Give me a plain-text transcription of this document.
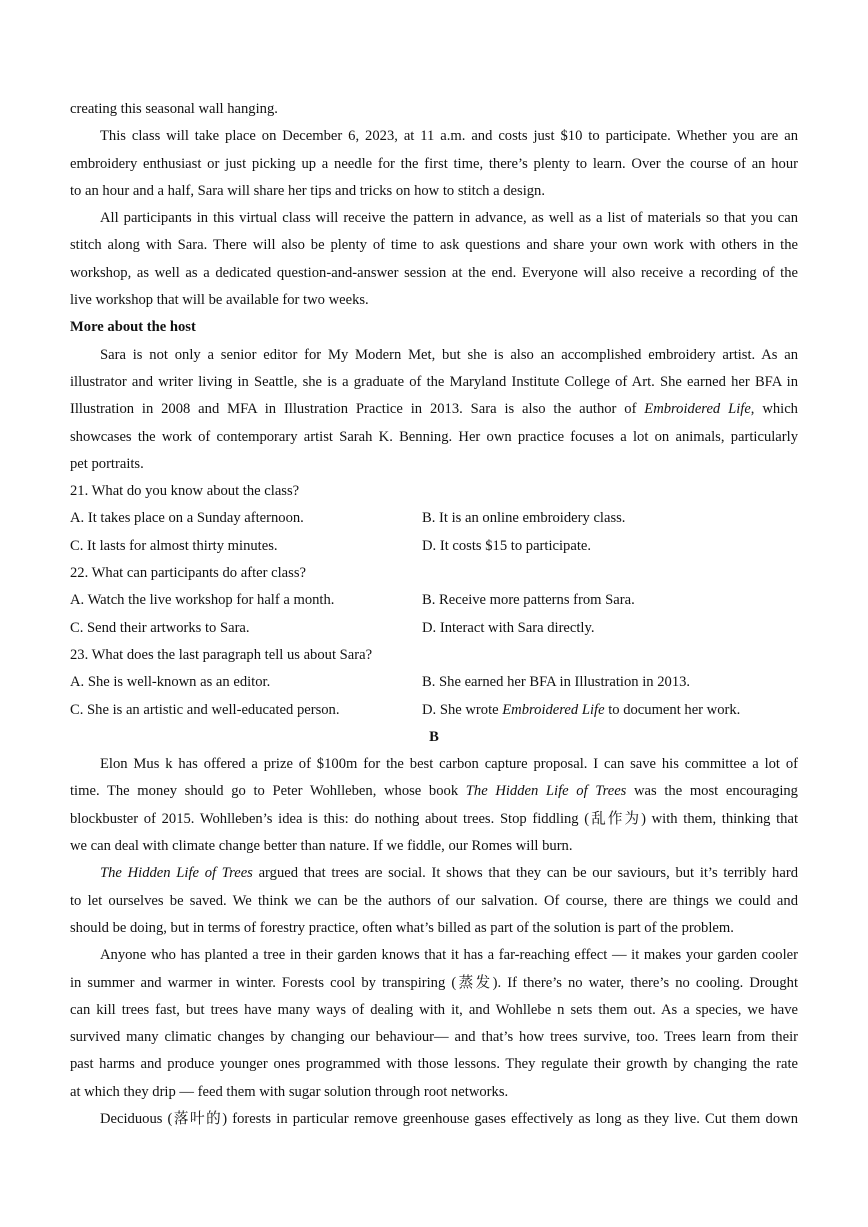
creating this seasonal wall hanging.
This class will take place on December 6, 2023, at 11 a.m. and costs just $10 to participate. Whether you are an
embroidery enthusiast or just picking up a needle for the first time, there’s plenty to learn. Over the course of an hour
to an hour and a half, Sara will share her tips and tricks on how to stitch a design.
All participants in this virtual class will receive the pattern in advance, as well as a list of materials so that you can
stitch along with Sara. There will also be plenty of time to ask questions and share your own work with others in the
workshop, as well as a dedicated question-and-answer session at the end. Everyone will also receive a recording of the
live workshop that will be available for two weeks.
More about the host
Sara is not only a senior editor for My Modern Met, but she is also an accomplished embroidery artist. As an
illustrator and writer living in Seattle, she is a graduate of the Maryland Institute College of Art. She earned her BFA in
Illustration in 2008 and MFA in Illustration Practice in 2013. Sara is also the author of Embroidered Life, which
showcases the work of contemporary artist Sarah K. Benning. Her own practice focuses a lot on animals, particularly
pet portraits.
21. What do you know about the class?
A. It takes place on a Sunday afternoon.	B. It is an online embroidery class.
C. It lasts for almost thirty minutes.	D. It costs $15 to participate.
22. What can participants do after class?
A. Watch the live workshop for half a month.	B. Receive more patterns from Sara.
C. Send their artworks to Sara.	D. Interact with Sara directly.
23. What does the last paragraph tell us about Sara?
A. She is well-known as an editor.	B. She earned her BFA in Illustration in 2013.
C. She is an artistic and well-educated person.	D. She wrote Embroidered Life to document her work.
B
Elon Mus k has offered a prize of $100m for the best carbon capture proposal. I can save his committee a lot of
time. The money should go to Peter Wohlleben, whose book The Hidden Life of Trees was the most encouraging
blockbuster of 2015. Wohlleben’s idea is this: do nothing about trees. Stop fiddling (乱作为) with them, thinking that
we can deal with climate change better than nature. If we fiddle, our Romes will burn.
The Hidden Life of Trees argued that trees are social. It shows that they can be our saviours, but it’s terribly hard
to let ourselves be saved. We think we can be the authors of our salvation. Of course, there are things we could and
should be doing, but in terms of forestry practice, often what’s billed as part of the solution is part of the problem.
Anyone who has planted a tree in their garden knows that it has a far-reaching effect — it makes your garden cooler
in summer and warmer in winter. Forests cool by transpiring (蒸发). If there’s no water, there’s no cooling. Drought
can kill trees fast, but trees have many ways of dealing with it, and Wohllebe n sets them out. As a species, we have
survived many climatic changes by changing our behaviour— and that’s how trees survive, too. Trees learn from their
past harms and produce younger ones programmed with those lessons. They regulate their growth by changing the rate
at which they drip — feed them with sugar solution through root networks.
Deciduous (落叶的) forests in particular remove greenhouse gases effectively as long as they live. Cut them down
